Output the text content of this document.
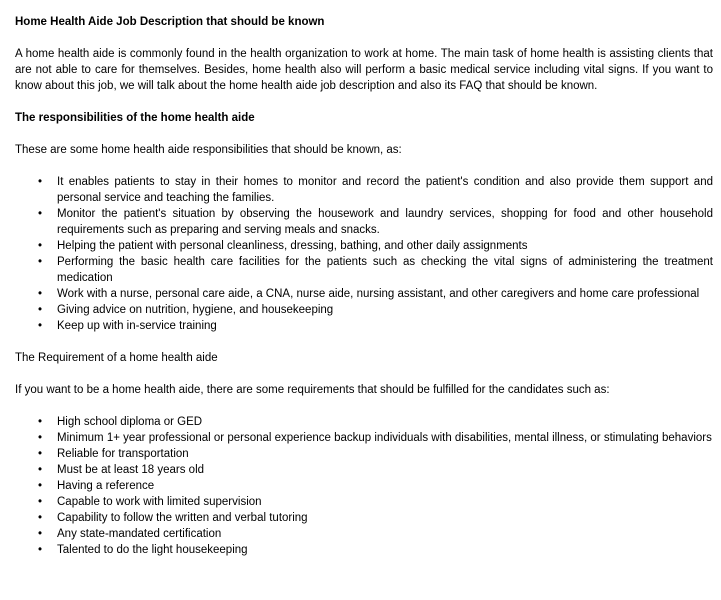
Home Health Aide Job Description that should be known

A home health aide is commonly found in the health organization to work at home. The main task of home health is assisting clients that are not able to care for themselves. Besides, home health also will perform a basic medical service including vital signs. If you want to know about this job, we will talk about the home health aide job description and also its FAQ that should be known.

The responsibilities of the home health aide

These are some home health aide responsibilities that should be known, as:

• It enables patients to stay in their homes to monitor and record the patient's condition and also provide them support and personal service and teaching the families.
• Monitor the patient's situation by observing the housework and laundry services, shopping for food and other household requirements such as preparing and serving meals and snacks.
• Helping the patient with personal cleanliness, dressing, bathing, and other daily assignments
• Performing the basic health care facilities for the patients such as checking the vital signs of administering the treatment medication
• Work with a nurse, personal care aide, a CNA, nurse aide, nursing assistant, and other caregivers and home care professional
• Giving advice on nutrition, hygiene, and housekeeping
• Keep up with in-service training
The Requirement of a home health aide

If you want to be a home health aide, there are some requirements that should be fulfilled for the candidates such as:

• High school diploma or GED
• Minimum 1+ year professional or personal experience backup individuals with disabilities, mental illness, or stimulating behaviors
• Reliable for transportation
• Must be at least 18 years old
• Having a reference
• Capable to work with limited supervision
• Capability to follow the written and verbal tutoring
• Any state-mandated certification
• Talented to do the light housekeeping
